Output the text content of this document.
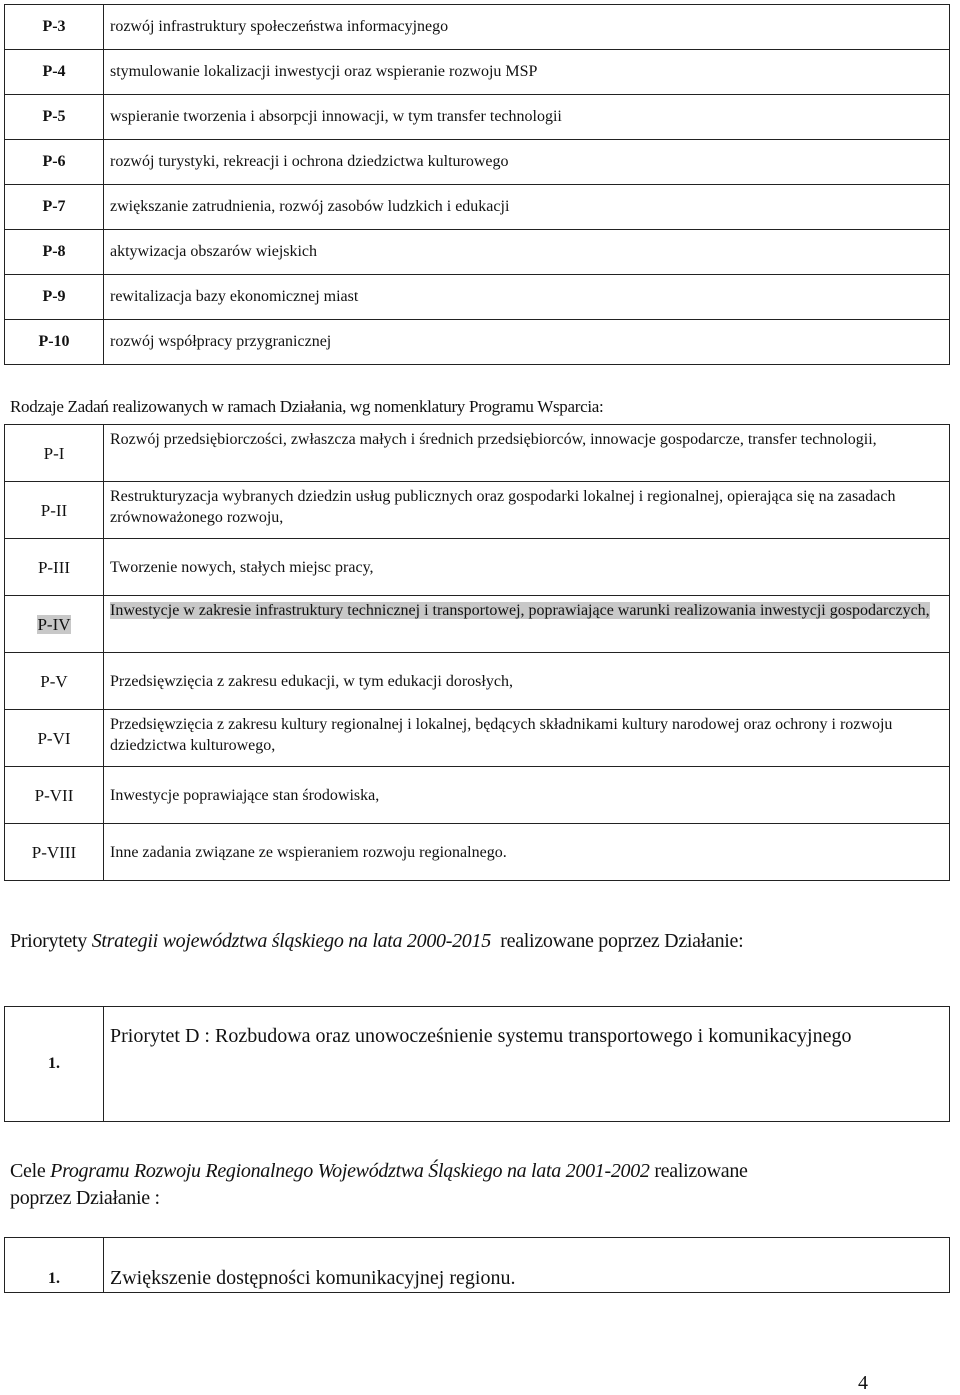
P-3	rozwój infrastruktury społeczeństwa informacyjnego
P-4	stymulowanie lokalizacji inwestycji oraz wspieranie rozwoju MSP
P-5	wspieranie tworzenia i absorpcji innowacji, w tym transfer technologii
P-6	rozwój turystyki, rekreacji i ochrona dziedzictwa kulturowego
P-7	zwiększanie zatrudnienia, rozwój zasobów ludzkich i edukacji
P-8	aktywizacja obszarów wiejskich
P-9	rewitalizacja bazy ekonomicznej miast
P-10	rozwój współpracy przygranicznej
Rodzaje Zadań realizowanych w ramach Działania, wg nomenklatury Programu Wsparcia:
P-I	Rozwój przedsiębiorczości, zwłaszcza małych i średnich przedsiębiorców, innowacje gospodarcze, transfer technologii,
P-II	Restrukturyzacja wybranych dziedzin usług publicznych oraz gospodarki lokalnej i regionalnej, opierająca się na zasadach zrównoważonego rozwoju,
P-III	Tworzenie nowych, stałych miejsc pracy,
P-IV	Inwestycje w zakresie infrastruktury technicznej i transportowej, poprawiające warunki realizowania inwestycji gospodarczych,
P-V	Przedsięwzięcia z zakresu edukacji, w tym edukacji dorosłych,
P-VI	Przedsięwzięcia z zakresu kultury regionalnej i lokalnej, będących składnikami kultury narodowej oraz ochrony i rozwoju dziedzictwa kulturowego,
P-VII	Inwestycje poprawiające stan środowiska,
P-VIII	Inne zadania związane ze wspieraniem rozwoju regionalnego.
Priorytety Strategii województwa śląskiego na lata 2000-2015  realizowane poprzez Działanie:
1.	Priorytet D : Rozbudowa oraz unowocześnienie systemu transportowego i komunikacyjnego
Cele Programu Rozwoju Regionalnego Województwa Śląskiego na lata 2001-2002 realizowane poprzez Działanie :
1.	Zwiększenie dostępności komunikacyjnej regionu.
4
